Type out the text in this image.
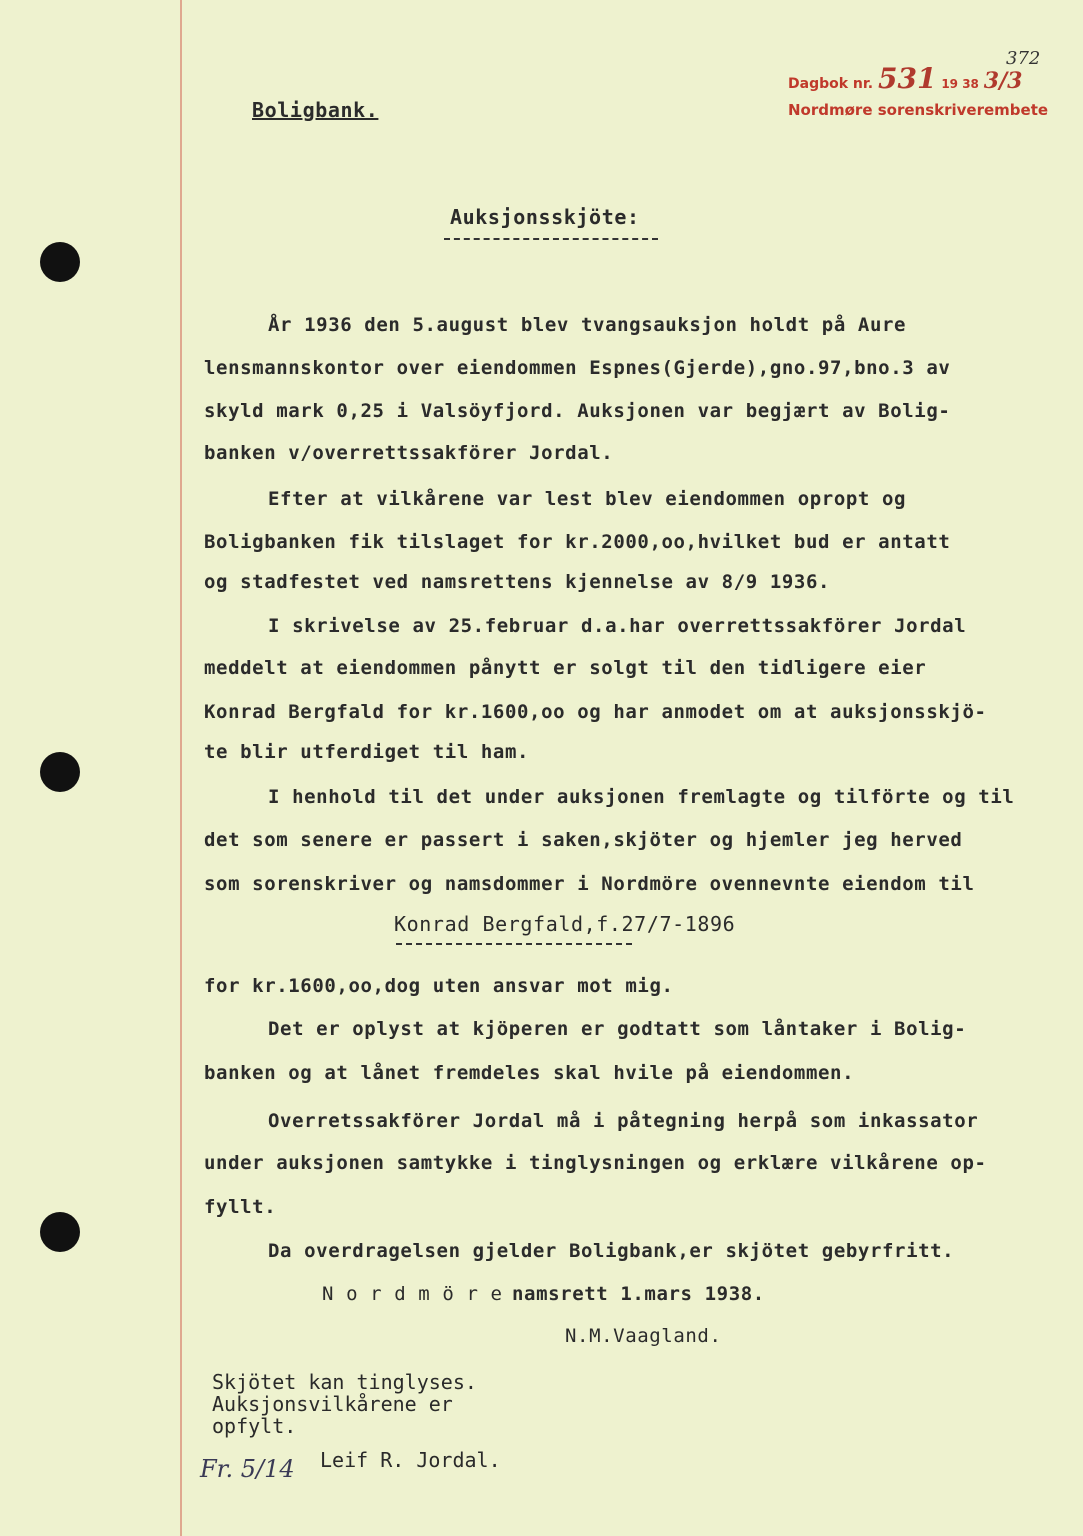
Dagbok nr. 531 19 38 3/3
Nordmøre sorenskriverembete
372
Boligbank.
Auksjonsskjöte:
År 1936 den 5.august blev tvangsauksjon holdt på Aure
lensmannskontor over eiendommen Espnes(Gjerde),gno.97,bno.3 av
skyld mark 0,25 i Valsöyfjord. Auksjonen var begjært av Bolig-
banken v/overrettssakförer Jordal.
Efter at vilkårene var lest blev eiendommen opropt og
Boligbanken fik tilslaget for kr.2000,oo,hvilket bud er antatt
og stadfestet ved namsrettens kjennelse av 8/9 1936.
I skrivelse av 25.februar d.a.har overrettssakförer Jordal
meddelt at eiendommen pånytt er solgt til den tidligere eier
Konrad Bergfald for kr.1600,oo og har anmodet om at auksjonsskjö-
te blir utferdiget til ham.
I henhold til det under auksjonen fremlagte og tilförte og til
det som senere er passert i saken,skjöter og hjemler jeg herved
som sorenskriver og namsdommer i Nordmöre ovennevnte eiendom til
Konrad Bergfald,f.27/7-1896
for kr.1600,oo,dog uten ansvar mot mig.
Det er oplyst at kjöperen er godtatt som låntaker i Bolig-
banken og at lånet fremdeles skal hvile på eiendommen.
Overretssakförer Jordal må i påtegning herpå som inkassator
under auksjonen samtykke i tinglysningen og erklære vilkårene op-
fyllt.
Da overdragelsen gjelder Boligbank,er skjötet gebyrfritt.
N o r d m ö r e namsrett 1.mars 1938.
N.M.Vaagland.
Skjötet kan tinglyses.
Auksjonsvilkårene er
opfylt.
Leif R. Jordal.
Fr. 5/14
